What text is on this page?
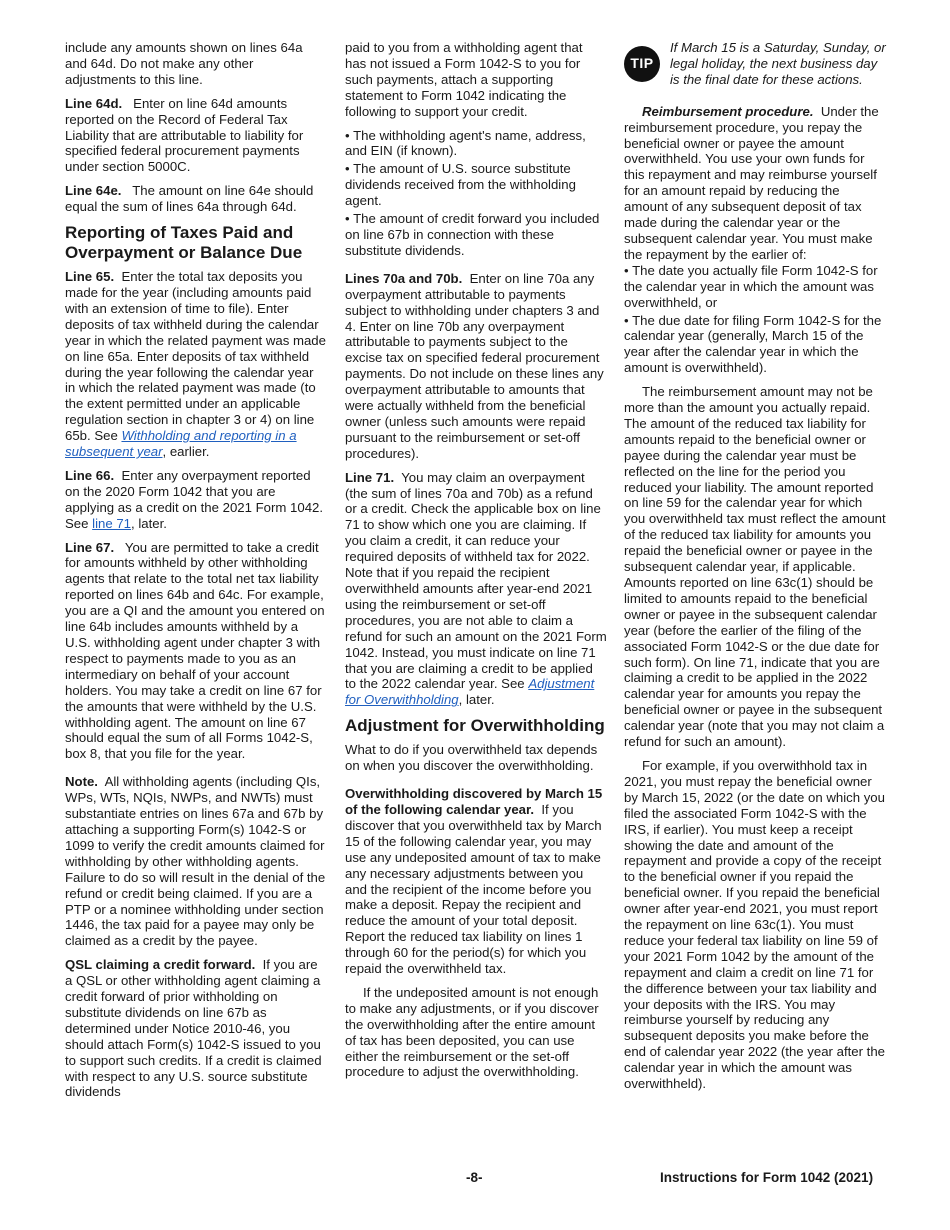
include any amounts shown on lines 64a and 64d. Do not make any other adjustments to this line.

Line 64d. Enter on line 64d amounts reported on the Record of Federal Tax Liability that are attributable to liability for specified federal procurement payments under section 5000C.

Line 64e. The amount on line 64e should equal the sum of lines 64a through 64d.

Reporting of Taxes Paid and Overpayment or Balance Due

Line 65. Enter the total tax deposits you made for the year (including amounts paid with an extension of time to file). Enter deposits of tax withheld during the calendar year in which the related payment was made on line 65a. Enter deposits of tax withheld during the year following the calendar year in which the related payment was made (to the extent permitted under an applicable regulation section in chapter 3 or 4) on line 65b. See Withholding and reporting in a subsequent year, earlier.

Line 66. Enter any overpayment reported on the 2020 Form 1042 that you are applying as a credit on the 2021 Form 1042. See line 71, later.

Line 67. You are permitted to take a credit for amounts withheld by other withholding agents that relate to the total net tax liability reported on lines 64b and 64c. For example, you are a QI and the amount you entered on line 64b includes amounts withheld by a U.S. withholding agent under chapter 3 with respect to payments made to you as an intermediary on behalf of your account holders. You may take a credit on line 67 for the amounts that were withheld by the U.S. withholding agent. The amount on line 67 should equal the sum of all Forms 1042-S, box 8, that you file for the year.

Note. All withholding agents (including QIs, WPs, WTs, NQIs, NWPs, and NWTs) must substantiate entries on lines 67a and 67b by attaching a supporting Form(s) 1042-S or 1099 to verify the credit amounts claimed for withholding by other withholding agents. Failure to do so will result in the denial of the refund or credit being claimed. If you are a PTP or a nominee withholding under section 1446, the tax paid for a payee may only be claimed as a credit by the payee.

QSL claiming a credit forward. If you are a QSL or other withholding agent claiming a credit forward of prior withholding on substitute dividends on line 67b as determined under Notice 2010-46, you should attach Form(s) 1042-S issued to you to support such credits. If a credit is claimed with respect to any U.S. source substitute dividends

paid to you from a withholding agent that has not issued a Form 1042-S to you for such payments, attach a supporting statement to Form 1042 indicating the following to support your credit.

• The withholding agent's name, address, and EIN (if known).
• The amount of U.S. source substitute dividends received from the withholding agent.
• The amount of credit forward you included on line 67b in connection with these substitute dividends.

Lines 70a and 70b. Enter on line 70a any overpayment attributable to payments subject to withholding under chapters 3 and 4. Enter on line 70b any overpayment attributable to payments subject to the excise tax on specified federal procurement payments. Do not include on these lines any overpayment attributable to amounts that were actually withheld from the beneficial owner (unless such amounts were repaid pursuant to the reimbursement or set-off procedures).

Line 71. You may claim an overpayment (the sum of lines 70a and 70b) as a refund or a credit. Check the applicable box on line 71 to show which one you are claiming. If you claim a credit, it can reduce your required deposits of withheld tax for 2022. Note that if you repaid the recipient overwithheld amounts after year-end 2021 using the reimbursement or set-off procedures, you are not able to claim a refund for such an amount on the 2021 Form 1042. Instead, you must indicate on line 71 that you are claiming a credit to be applied to the 2022 calendar year. See Adjustment for Overwithholding, later.

Adjustment for Overwithholding

What to do if you overwithheld tax depends on when you discover the overwithholding.

Overwithholding discovered by March 15 of the following calendar year. If you discover that you overwithheld tax by March 15 of the following calendar year, you may use any undeposited amount of tax to make any necessary adjustments between you and the recipient of the income before you make a deposit. Repay the recipient and reduce the amount of your total deposit. Report the reduced tax liability on lines 1 through 60 for the period(s) for which you repaid the overwithheld tax.

If the undeposited amount is not enough to make any adjustments, or if you discover the overwithholding after the entire amount of tax has been deposited, you can use either the reimbursement or the set-off procedure to adjust the overwithholding.

TIP
If March 15 is a Saturday, Sunday, or legal holiday, the next business day is the final date for these actions.

Reimbursement procedure. Under the reimbursement procedure, you repay the beneficial owner or payee the amount overwithheld. You use your own funds for this repayment and may reimburse yourself for an amount repaid by reducing the amount of any subsequent deposit of tax made during the calendar year or the subsequent calendar year. You must make the repayment by the earlier of:

• The date you actually file Form 1042-S for the calendar year in which the amount was overwithheld, or
• The due date for filing Form 1042-S for the calendar year (generally, March 15 of the year after the calendar year in which the amount is overwithheld).

The reimbursement amount may not be more than the amount you actually repaid. The amount of the reduced tax liability for amounts repaid to the beneficial owner or payee during the calendar year must be reflected on the line for the period you reduced your liability. The amount reported on line 59 for the calendar year for which you overwithheld tax must reflect the amount of the reduced tax liability for amounts you repaid the beneficial owner or payee in the subsequent calendar year, if applicable. Amounts reported on line 63c(1) should be limited to amounts repaid to the beneficial owner or payee in the subsequent calendar year (before the earlier of the filing of the associated Form 1042-S or the due date for such form). On line 71, indicate that you are claiming a credit to be applied in the 2022 calendar year for amounts you repay the beneficial owner or payee in the subsequent calendar year (note that you may not claim a refund for such an amount).

For example, if you overwithhold tax in 2021, you must repay the beneficial owner by March 15, 2022 (or the date on which you filed the associated Form 1042-S with the IRS, if earlier). You must keep a receipt showing the date and amount of the repayment and provide a copy of the receipt to the beneficial owner if you repaid the beneficial owner. If you repaid the beneficial owner after year-end 2021, you must report the repayment on line 63c(1). You must reduce your federal tax liability on line 59 of your 2021 Form 1042 by the amount of the repayment and claim a credit on line 71 for the difference between your tax liability and your deposits with the IRS. You may reimburse yourself by reducing any subsequent deposits you make before the end of calendar year 2022 (the year after the calendar year in which the amount was overwithheld).

-8-	Instructions for Form 1042 (2021)
